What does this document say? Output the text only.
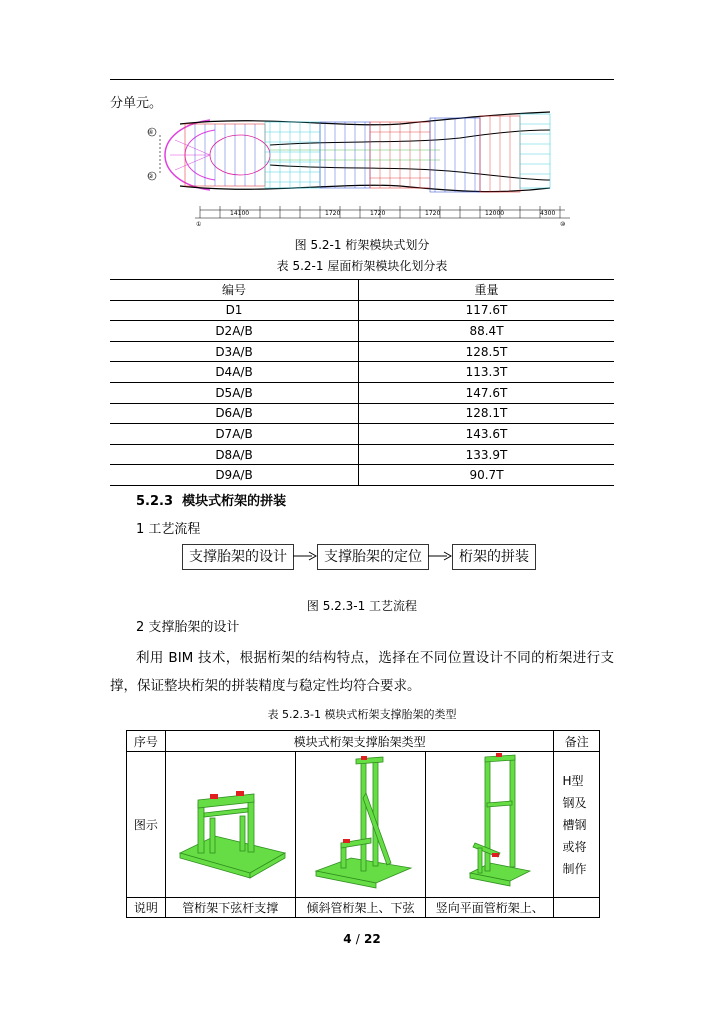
分单元。
14100	1720	1720	1720	12000	4300
①
④
②
⑩
图 5.2-1 桁架模块式划分
表 5.2-1 屋面桁架模块化划分表
编号	重量
D1	117.6T
D2A/B	88.4T
D3A/B	128.5T
D4A/B	113.3T
D5A/B	147.6T
D6A/B	128.1T
D7A/B	143.6T
D8A/B	133.9T
D9A/B	90.7T
5.2.3 模块式桁架的拼装
1 工艺流程
支撑胎架的设计	支撑胎架的定位	桁架的拼装
图 5.2.3-1 工艺流程
2 支撑胎架的设计
利用 BIM 技术，根据桁架的结构特点，选择在不同位置设计不同的桁架进行支撑，保证整块桁架的拼装精度与稳定性均符合要求。
表 5.2.3-1 模块式桁架支撑胎架的类型
序号	模块式桁架支撑胎架类型			备注
图示				H型钢及槽钢或将制作
说明	管桁架下弦杆支撑	倾斜管桁架上、下弦	竖向平面管桁架上、	
4 / 22
